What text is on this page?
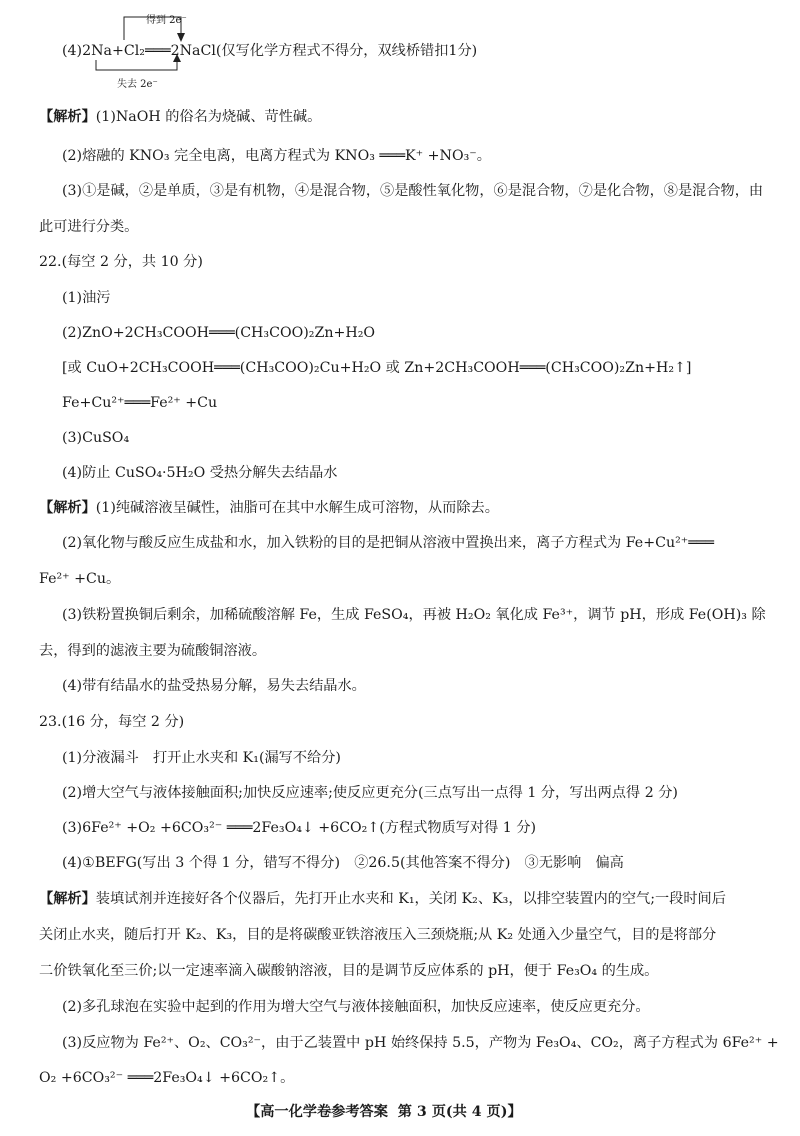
得到 2e⁻
失去 2e⁻
(4)2Na+Cl₂═══2NaCl(仅写化学方程式不得分，双线桥错扣1分)
【解析】(1)NaOH 的俗名为烧碱、苛性碱。
(2)熔融的 KNO₃ 完全电离，电离方程式为 KNO₃ ═══K⁺ +NO₃⁻。
(3)①是碱，②是单质，③是有机物，④是混合物，⑤是酸性氧化物，⑥是混合物，⑦是化合物，⑧是混合物，由
此可进行分类。
22.(每空 2 分，共 10 分)
(1)油污
(2)ZnO+2CH₃COOH═══(CH₃COO)₂Zn+H₂O
[或 CuO+2CH₃COOH═══(CH₃COO)₂Cu+H₂O 或 Zn+2CH₃COOH═══(CH₃COO)₂Zn+H₂↑]
Fe+Cu²⁺═══Fe²⁺ +Cu
(3)CuSO₄
(4)防止 CuSO₄·5H₂O 受热分解失去结晶水
【解析】(1)纯碱溶液呈碱性，油脂可在其中水解生成可溶物，从而除去。
(2)氧化物与酸反应生成盐和水，加入铁粉的目的是把铜从溶液中置换出来，离子方程式为 Fe+Cu²⁺═══
Fe²⁺ +Cu。
(3)铁粉置换铜后剩余，加稀硫酸溶解 Fe，生成 FeSO₄，再被 H₂O₂ 氧化成 Fe³⁺，调节 pH，形成 Fe(OH)₃ 除
去，得到的滤液主要为硫酸铜溶液。
(4)带有结晶水的盐受热易分解，易失去结晶水。
23.(16 分，每空 2 分)
(1)分液漏斗　打开止水夹和 K₁(漏写不给分)
(2)增大空气与液体接触面积;加快反应速率;使反应更充分(三点写出一点得 1 分，写出两点得 2 分)
(3)6Fe²⁺ +O₂ +6CO₃²⁻ ═══2Fe₃O₄↓ +6CO₂↑(方程式物质写对得 1 分)
(4)①BEFG(写出 3 个得 1 分，错写不得分)　②26.5(其他答案不得分)　③无影响　偏高
【解析】装填试剂并连接好各个仪器后，先打开止水夹和 K₁，关闭 K₂、K₃，以排空装置内的空气;一段时间后
关闭止水夹，随后打开 K₂、K₃，目的是将碳酸亚铁溶液压入三颈烧瓶;从 K₂ 处通入少量空气，目的是将部分
二价铁氧化至三价;以一定速率滴入碳酸钠溶液，目的是调节反应体系的 pH，便于 Fe₃O₄ 的生成。
(2)多孔球泡在实验中起到的作用为增大空气与液体接触面积，加快反应速率，使反应更充分。
(3)反应物为 Fe²⁺、O₂、CO₃²⁻，由于乙装置中 pH 始终保持 5.5，产物为 Fe₃O₄、CO₂，离子方程式为 6Fe²⁺ +
O₂ +6CO₃²⁻ ═══2Fe₃O₄↓ +6CO₂↑。
【高一化学卷参考答案 第 3 页(共 4 页)】
